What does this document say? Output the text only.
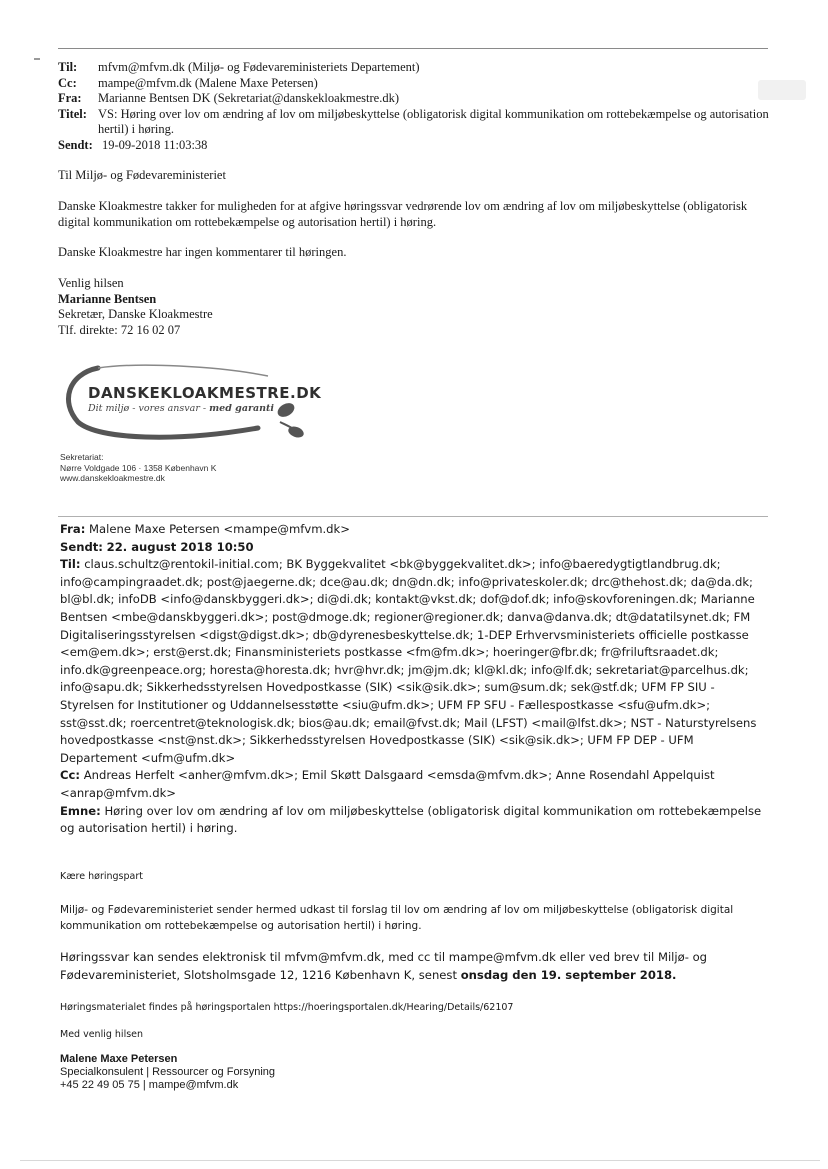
Til:	mfvm@mfvm.dk (Miljø- og Fødevareministeriets Departement)
Cc:	mampe@mfvm.dk (Malene Maxe Petersen)
Fra:	Marianne Bentsen DK (Sekretariat@danskekloakmestre.dk)
Titel: VS: Høring over lov om ændring af lov om miljøbeskyttelse (obligatorisk digital kommunikation om rottebekæmpelse og autorisation hertil) i høring.
Sendt: 19-09-2018 11:03:38

Til Miljø- og Fødevareministeriet

Danske Kloakmestre takker for muligheden for at afgive høringssvar vedrørende lov om ændring af lov om miljøbeskyttelse (obligatorisk digital kommunikation om rottebekæmpelse og autorisation hertil) i høring.

Danske Kloakmestre har ingen kommentarer til høringen.

Venlig hilsen

Marianne Bentsen

Sekretær, Danske Kloakmestre

Tlf. direkte: 72 16 02 07

DANSKEKLOAKMESTRE.DK
Dit miljø - vores ansvar - med garanti
Sekretariat:
Nørre Voldgade 106 · 1358 København K
www.danskekloakmestre.dk
Fra: Malene Maxe Petersen <mampe@mfvm.dk>
Sendt: 22. august 2018 10:50
Til: claus.schultz@rentokil-initial.com; BK Byggekvalitet <bk@byggekvalitet.dk>; info@baeredygtigtlandbrug.dk; info@campingraadet.dk; post@jaegerne.dk; dce@au.dk; dn@dn.dk; info@privateskoler.dk; drc@thehost.dk; da@da.dk; bl@bl.dk; infoDB <info@danskbyggeri.dk>; di@di.dk; kontakt@vkst.dk; dof@dof.dk; info@skovforeningen.dk; Marianne Bentsen <mbe@danskbyggeri.dk>; post@dmoge.dk; regioner@regioner.dk; danva@danva.dk; dt@datatilsynet.dk; FM Digitaliseringsstyrelsen <digst@digst.dk>; db@dyrenesbeskyttelse.dk; 1-DEP Erhvervsministeriets officielle postkasse <em@em.dk>; erst@erst.dk; Finansministeriets postkasse <fm@fm.dk>; hoeringer@fbr.dk; fr@friluftsraadet.dk; info.dk@greenpeace.org; horesta@horesta.dk; hvr@hvr.dk; jm@jm.dk; kl@kl.dk; info@lf.dk; sekretariat@parcelhus.dk; info@sapu.dk; Sikkerhedsstyrelsen Hovedpostkasse (SIK) <sik@sik.dk>; sum@sum.dk; sek@stf.dk; UFM FP SIU - Styrelsen for Institutioner og Uddannelsesstøtte <siu@ufm.dk>; UFM FP SFU - Fællespostkasse <sfu@ufm.dk>; sst@sst.dk; roercentret@teknologisk.dk; bios@au.dk; email@fvst.dk; Mail (LFST) <mail@lfst.dk>; NST - Naturstyrelsens hovedpostkasse <nst@nst.dk>; Sikkerhedsstyrelsen Hovedpostkasse (SIK) <sik@sik.dk>; UFM FP DEP - UFM Departement <ufm@ufm.dk>
Cc: Andreas Herfelt <anher@mfvm.dk>; Emil Skøtt Dalsgaard <emsda@mfvm.dk>; Anne Rosendahl Appelquist <anrap@mfvm.dk>
Emne: Høring over lov om ændring af lov om miljøbeskyttelse (obligatorisk digital kommunikation om rottebekæmpelse og autorisation hertil) i høring.
Kære høringspart
Miljø- og Fødevareministeriet sender hermed udkast til forslag til lov om ændring af lov om miljøbeskyttelse (obligatorisk digital kommunikation om rottebekæmpelse og autorisation hertil) i høring.
Høringssvar kan sendes elektronisk til mfvm@mfvm.dk, med cc til mampe@mfvm.dk eller ved brev til Miljø- og Fødevareministeriet, Slotsholmsgade 12, 1216 København K, senest onsdag den 19. september 2018.
Høringsmaterialet findes på høringsportalen https://hoeringsportalen.dk/Hearing/Details/62107
Med venlig hilsen
Malene Maxe Petersen
Specialkonsulent | Ressourcer og Forsyning
+45 22 49 05 75 | mampe@mfvm.dk
